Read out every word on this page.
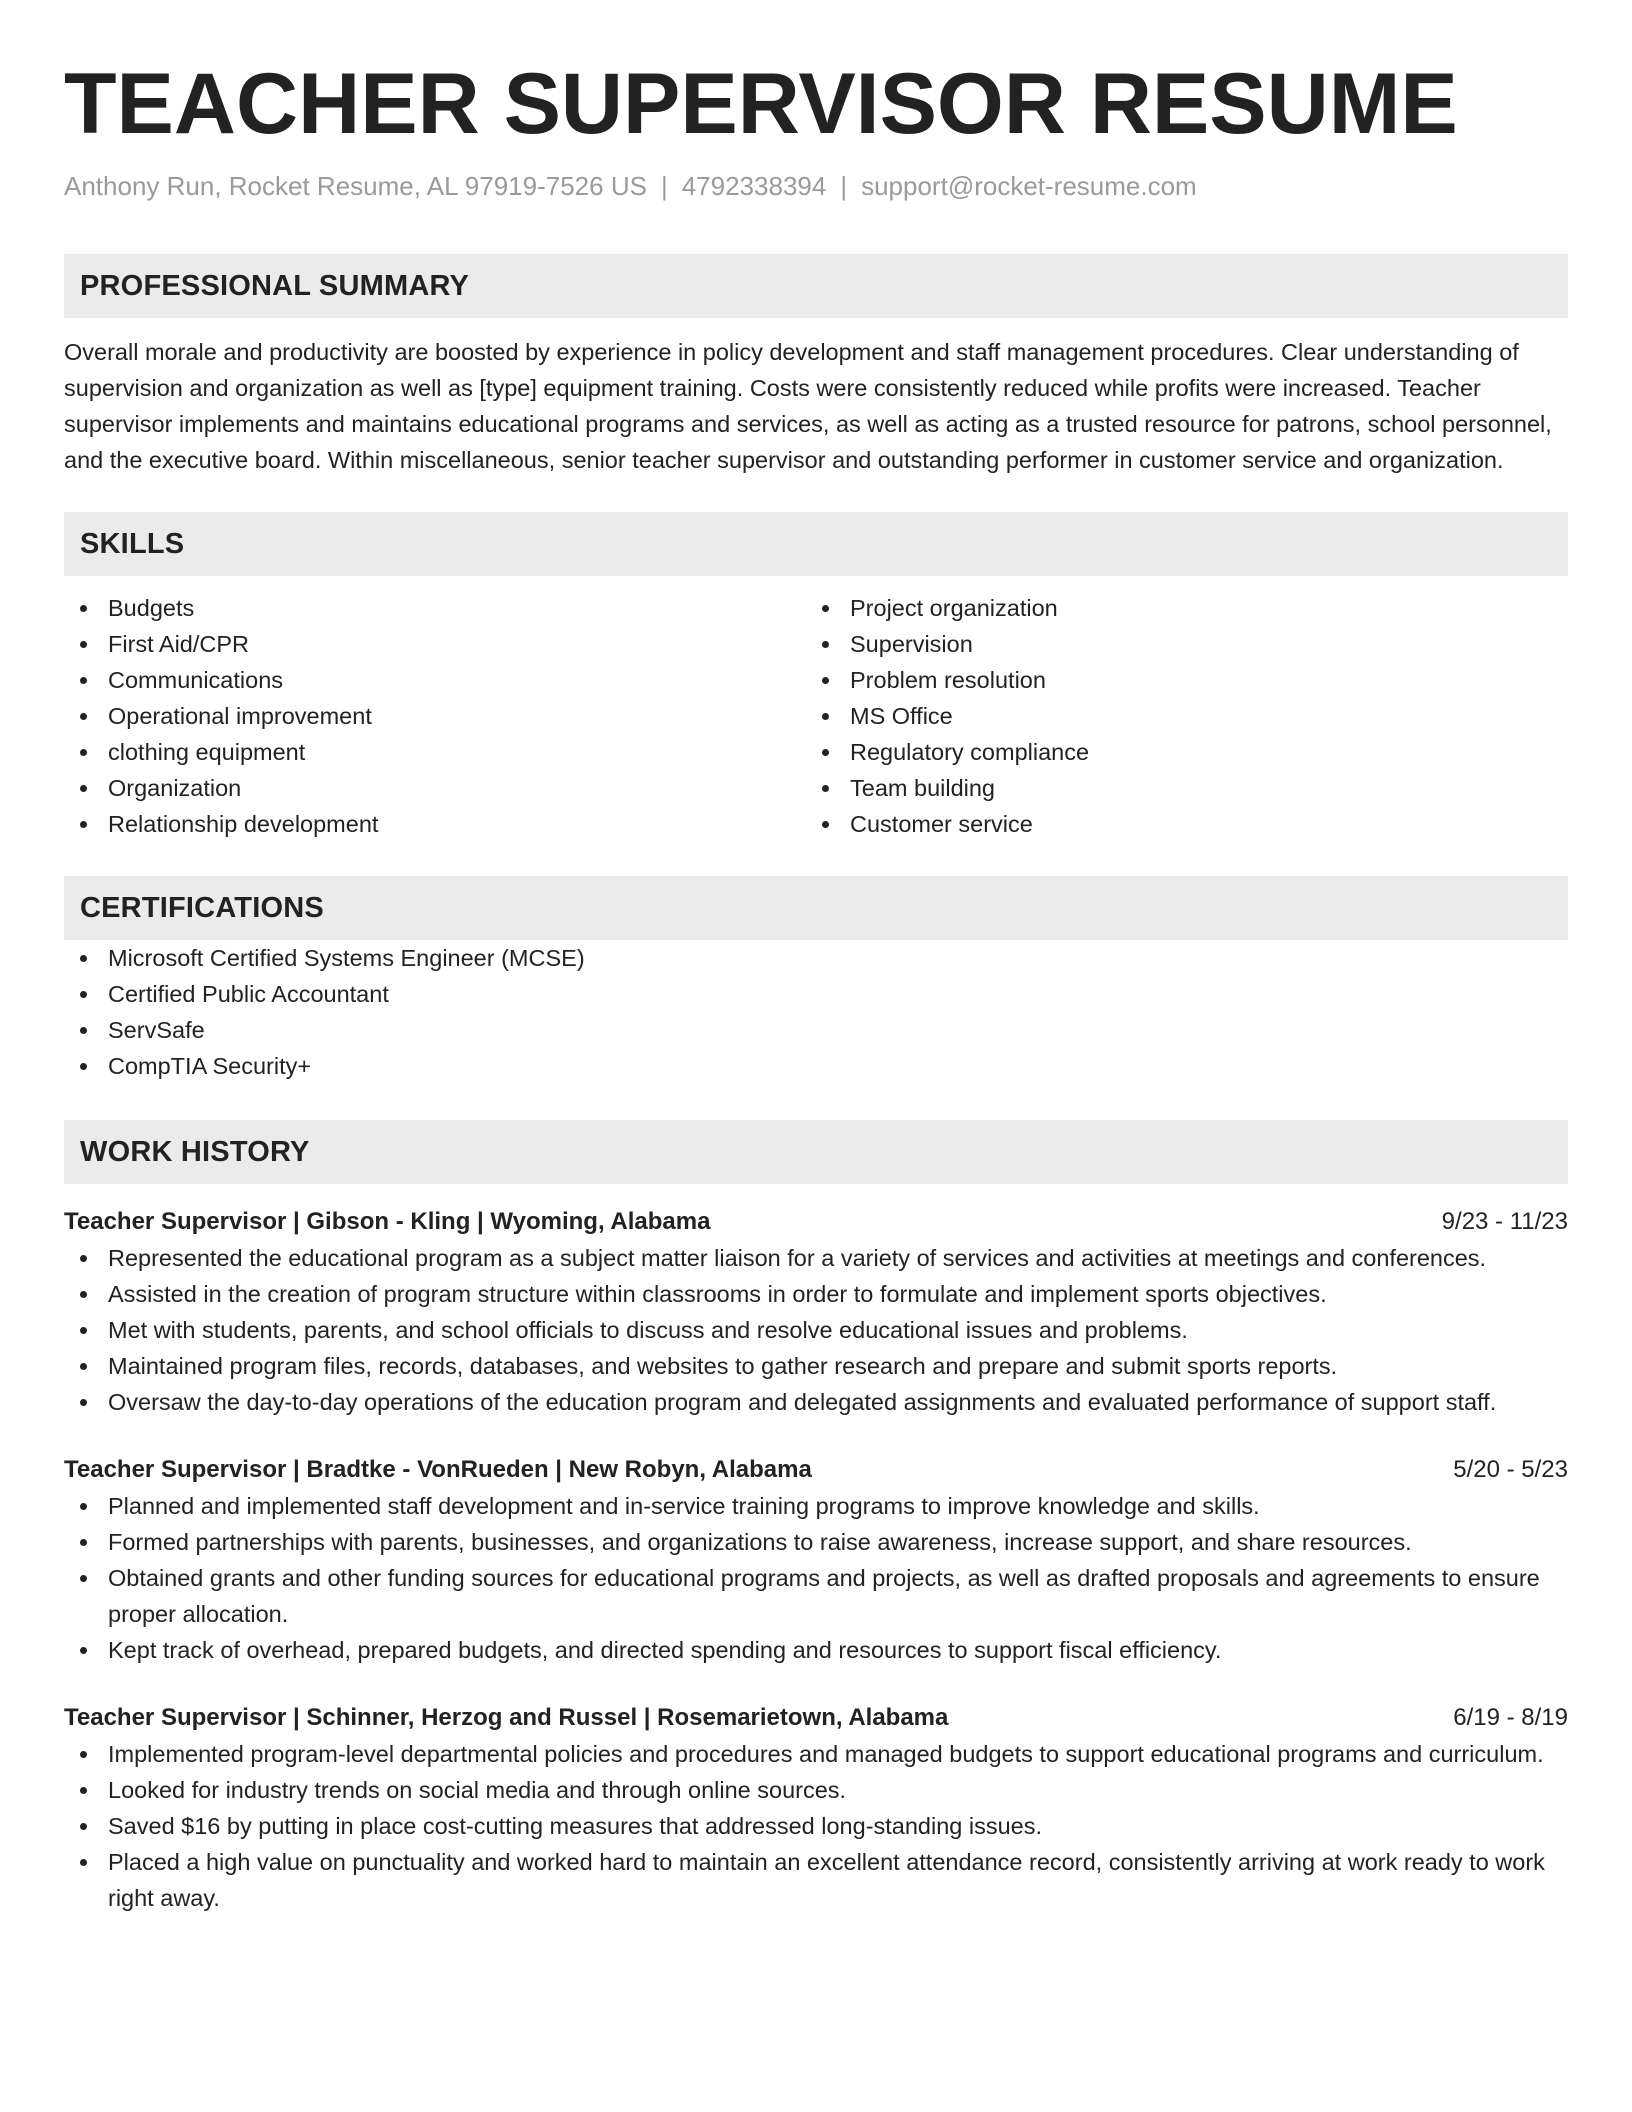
TEACHER SUPERVISOR RESUME
Anthony Run, Rocket Resume, AL 97919-7526 US | 4792338394 | support@rocket-resume.com
PROFESSIONAL SUMMARY

Overall morale and productivity are boosted by experience in policy development and staff management procedures. Clear understanding of supervision and organization as well as [type] equipment training. Costs were consistently reduced while profits were increased. Teacher supervisor implements and maintains educational programs and services, as well as acting as a trusted resource for patrons, school personnel, and the executive board. Within miscellaneous, senior teacher supervisor and outstanding performer in customer service and organization.

SKILLS
Budgets
First Aid/CPR
Communications
Operational improvement
clothing equipment
Organization
Relationship development
Project organization
Supervision
Problem resolution
MS Office
Regulatory compliance
Team building
Customer service
CERTIFICATIONS
Microsoft Certified Systems Engineer (MCSE)
Certified Public Accountant
ServSafe
CompTIA Security+
WORK HISTORY
Teacher Supervisor | Gibson - Kling | Wyoming, Alabama	9/23 - 11/23
Represented the educational program as a subject matter liaison for a variety of services and activities at meetings and conferences.
Assisted in the creation of program structure within classrooms in order to formulate and implement sports objectives.
Met with students, parents, and school officials to discuss and resolve educational issues and problems.
Maintained program files, records, databases, and websites to gather research and prepare and submit sports reports.
Oversaw the day-to-day operations of the education program and delegated assignments and evaluated performance of support staff.
Teacher Supervisor | Bradtke - VonRueden | New Robyn, Alabama	5/20 - 5/23
Planned and implemented staff development and in-service training programs to improve knowledge and skills.
Formed partnerships with parents, businesses, and organizations to raise awareness, increase support, and share resources.
Obtained grants and other funding sources for educational programs and projects, as well as drafted proposals and agreements to ensure proper allocation.
Kept track of overhead, prepared budgets, and directed spending and resources to support fiscal efficiency.
Teacher Supervisor | Schinner, Herzog and Russel | Rosemarietown, Alabama	6/19 - 8/19
Implemented program-level departmental policies and procedures and managed budgets to support educational programs and curriculum.
Looked for industry trends on social media and through online sources.
Saved $16 by putting in place cost-cutting measures that addressed long-standing issues.
Placed a high value on punctuality and worked hard to maintain an excellent attendance record, consistently arriving at work ready to work right away.
